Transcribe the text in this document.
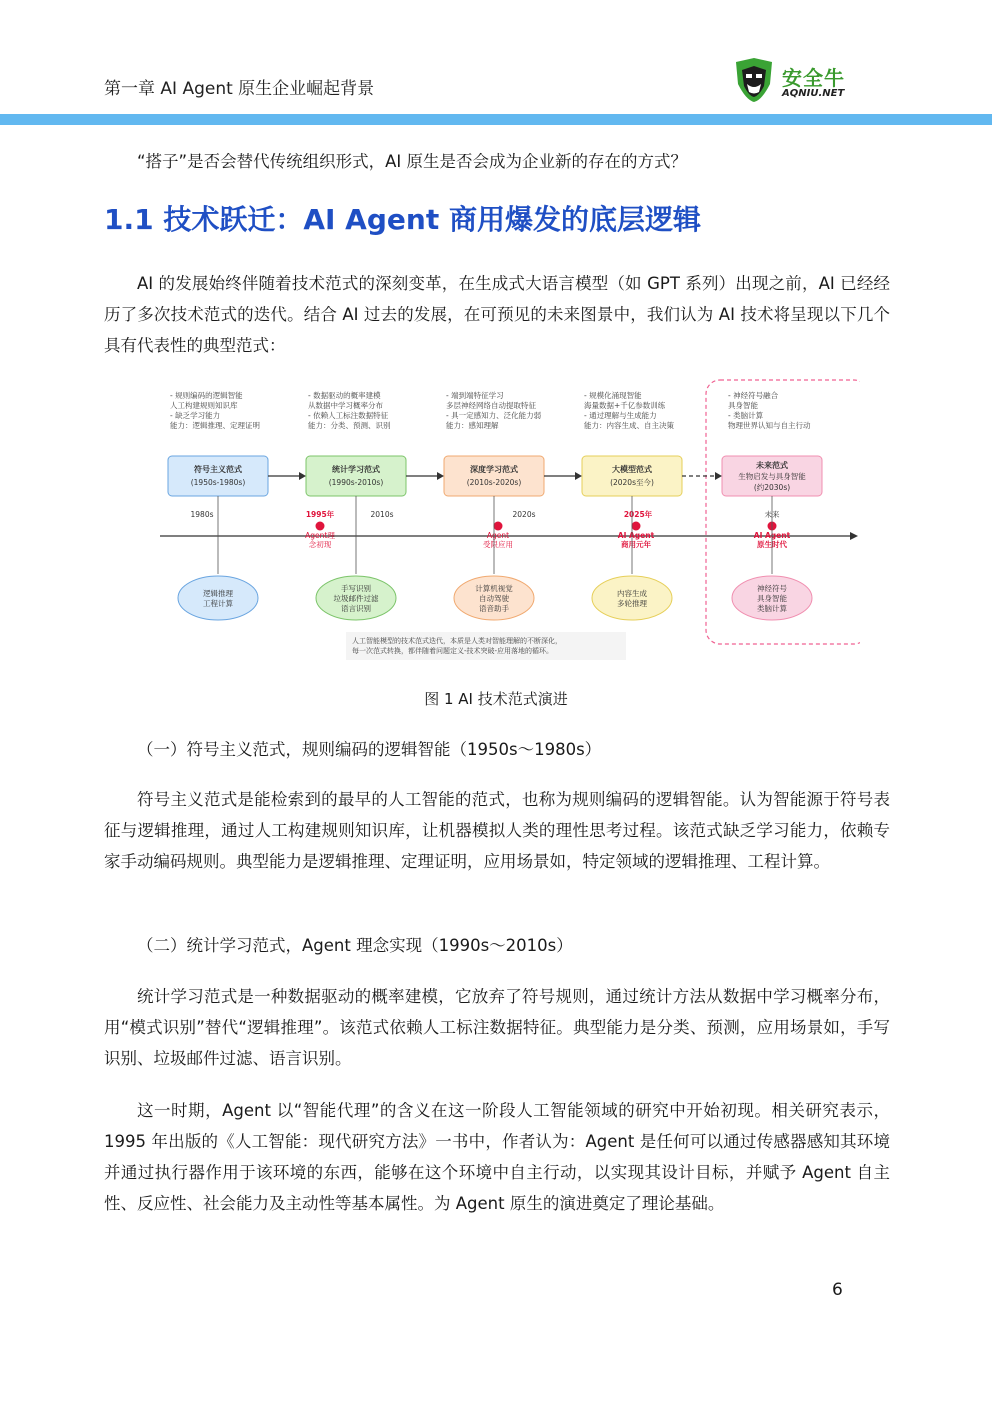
第一章 AI Agent 原生企业崛起背景	安全牛
AQNIU.NET
“搭子”是否会替代传统组织形式，AI 原生是否会成为企业新的存在的方式？
1.1 技术跃迁：AI Agent 商用爆发的底层逻辑
AI 的发展始终伴随着技术范式的深刻变革，在生成式大语言模型（如 GPT 系列）出现之前，AI 已经经历了多次技术范式的迭代。结合 AI 过去的发展，在可预见的未来图景中，我们认为 AI 技术将呈现以下几个具有代表性的典型范式：
- 规则编码的逻辑智能
人工构建规则知识库
- 缺乏学习能力
能力：逻辑推理、定理证明
- 数据驱动的概率建模
从数据中学习概率分布
- 依赖人工标注数据特征
能力：分类、预测、识别
- 端到端特征学习
多层神经网络自动提取特征
- 具一定感知力、泛化能力弱
能力：感知理解
- 规模化涌现智能
海量数据+千亿参数训练
- 通过理解与生成能力
能力：内容生成、自主决策
- 神经符号融合
具身智能
- 类脑计算
物理世界认知与自主行动
符号主义范式
(1950s-1980s)
统计学习范式
(1990s-2010s)
深度学习范式
(2010s-2020s)
大模型范式
(2020s至今)
未来范式
生物启发与具身智能
(约2030s)
1980s	1995年	2010s	2020s	2025年	未来
Agent理
念初现
Agent
受限应用
AI Agent
商用元年
AI Agent
原生时代
逻辑推理
工程计算
手写识别
垃圾邮件过滤
语言识别
计算机视觉
自动驾驶
语音助手
内容生成
多轮推理
神经符号
具身智能
类脑计算
人工智能模型的技术范式迭代，本质是人类对智能理解的不断深化，
每一次范式转换，都伴随着问题定义-技术突破-应用落地的循环。
图 1 AI 技术范式演进
（一）符号主义范式，规则编码的逻辑智能（1950s～1980s）
符号主义范式是能检索到的最早的人工智能的范式，也称为规则编码的逻辑智能。认为智能源于符号表征与逻辑推理，通过人工构建规则知识库，让机器模拟人类的理性思考过程。该范式缺乏学习能力，依赖专家手动编码规则。典型能力是逻辑推理、定理证明，应用场景如，特定领域的逻辑推理、工程计算。
（二）统计学习范式，Agent 理念实现（1990s～2010s）
统计学习范式是一种数据驱动的概率建模，它放弃了符号规则，通过统计方法从数据中学习概率分布，用“模式识别”替代“逻辑推理”。该范式依赖人工标注数据特征。典型能力是分类、预测，应用场景如，手写识别、垃圾邮件过滤、语言识别。
这一时期，Agent 以“智能代理”的含义在这一阶段人工智能领域的研究中开始初现。相关研究表示，1995 年出版的《人工智能：现代研究方法》一书中，作者认为：Agent 是任何可以通过传感器感知其环境并通过执行器作用于该环境的东西，能够在这个环境中自主行动，以实现其设计目标，并赋予 Agent 自主性、反应性、社会能力及主动性等基本属性。为 Agent 原生的演进奠定了理论基础。
6
